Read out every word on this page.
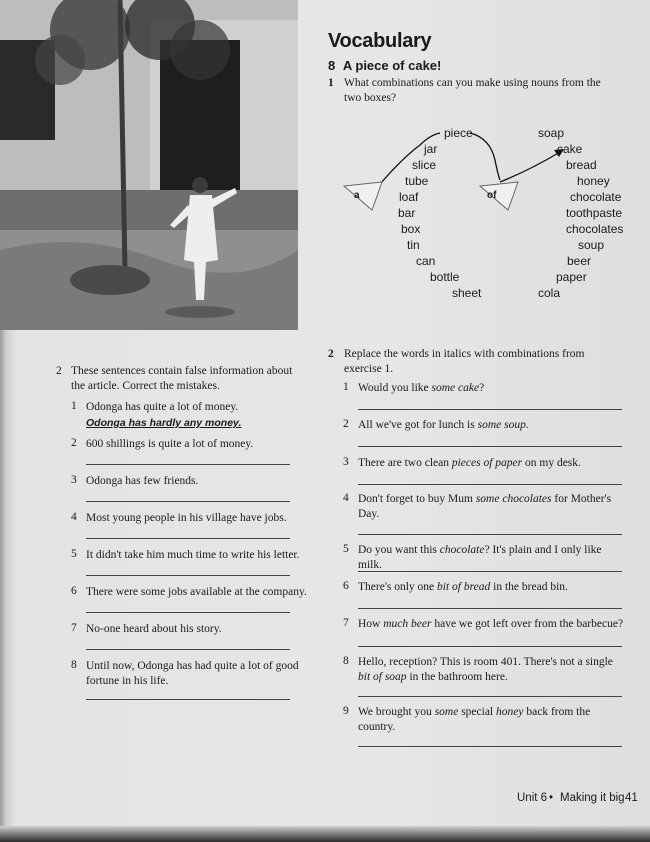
Vocabulary
8 A piece of cake!
1 What combinations can you make using nouns from the
two boxes?
a	of
piece
jar
slice
tube
loaf
bar
box
tin
can
bottle
sheet
soap
cake
bread
honey
chocolate
toothpaste
chocolates
soup
beer
paper
cola
2 Replace the words in italics with combinations from
exercise 1.
1 Would you like some cake?
2 All we've got for lunch is some soup.
3 There are two clean pieces of paper on my desk.
4 Don't forget to buy Mum some chocolates for Mother's
Day.
5 Do you want this chocolate? It's plain and I only like milk.
6 There's only one bit of bread in the bread bin.
7 How much beer have we got left over from the barbecue?
8 Hello, reception? This is room 401. There's not a single
bit of soap in the bathroom here.
9 We brought you some special honey back from the
country.
2 These sentences contain false information about
the article. Correct the mistakes.
1 Odonga has quite a lot of money.
Odonga has hardly any money.
2 600 shillings is quite a lot of money.
3 Odonga has few friends.
4 Most young people in his village have jobs.
5 It didn't take him much time to write his letter.
6 There were some jobs available at the company.
7 No-one heard about his story.
8 Until now, Odonga has had quite a lot of good
fortune in his life.
Unit 6 • Making it big 41
